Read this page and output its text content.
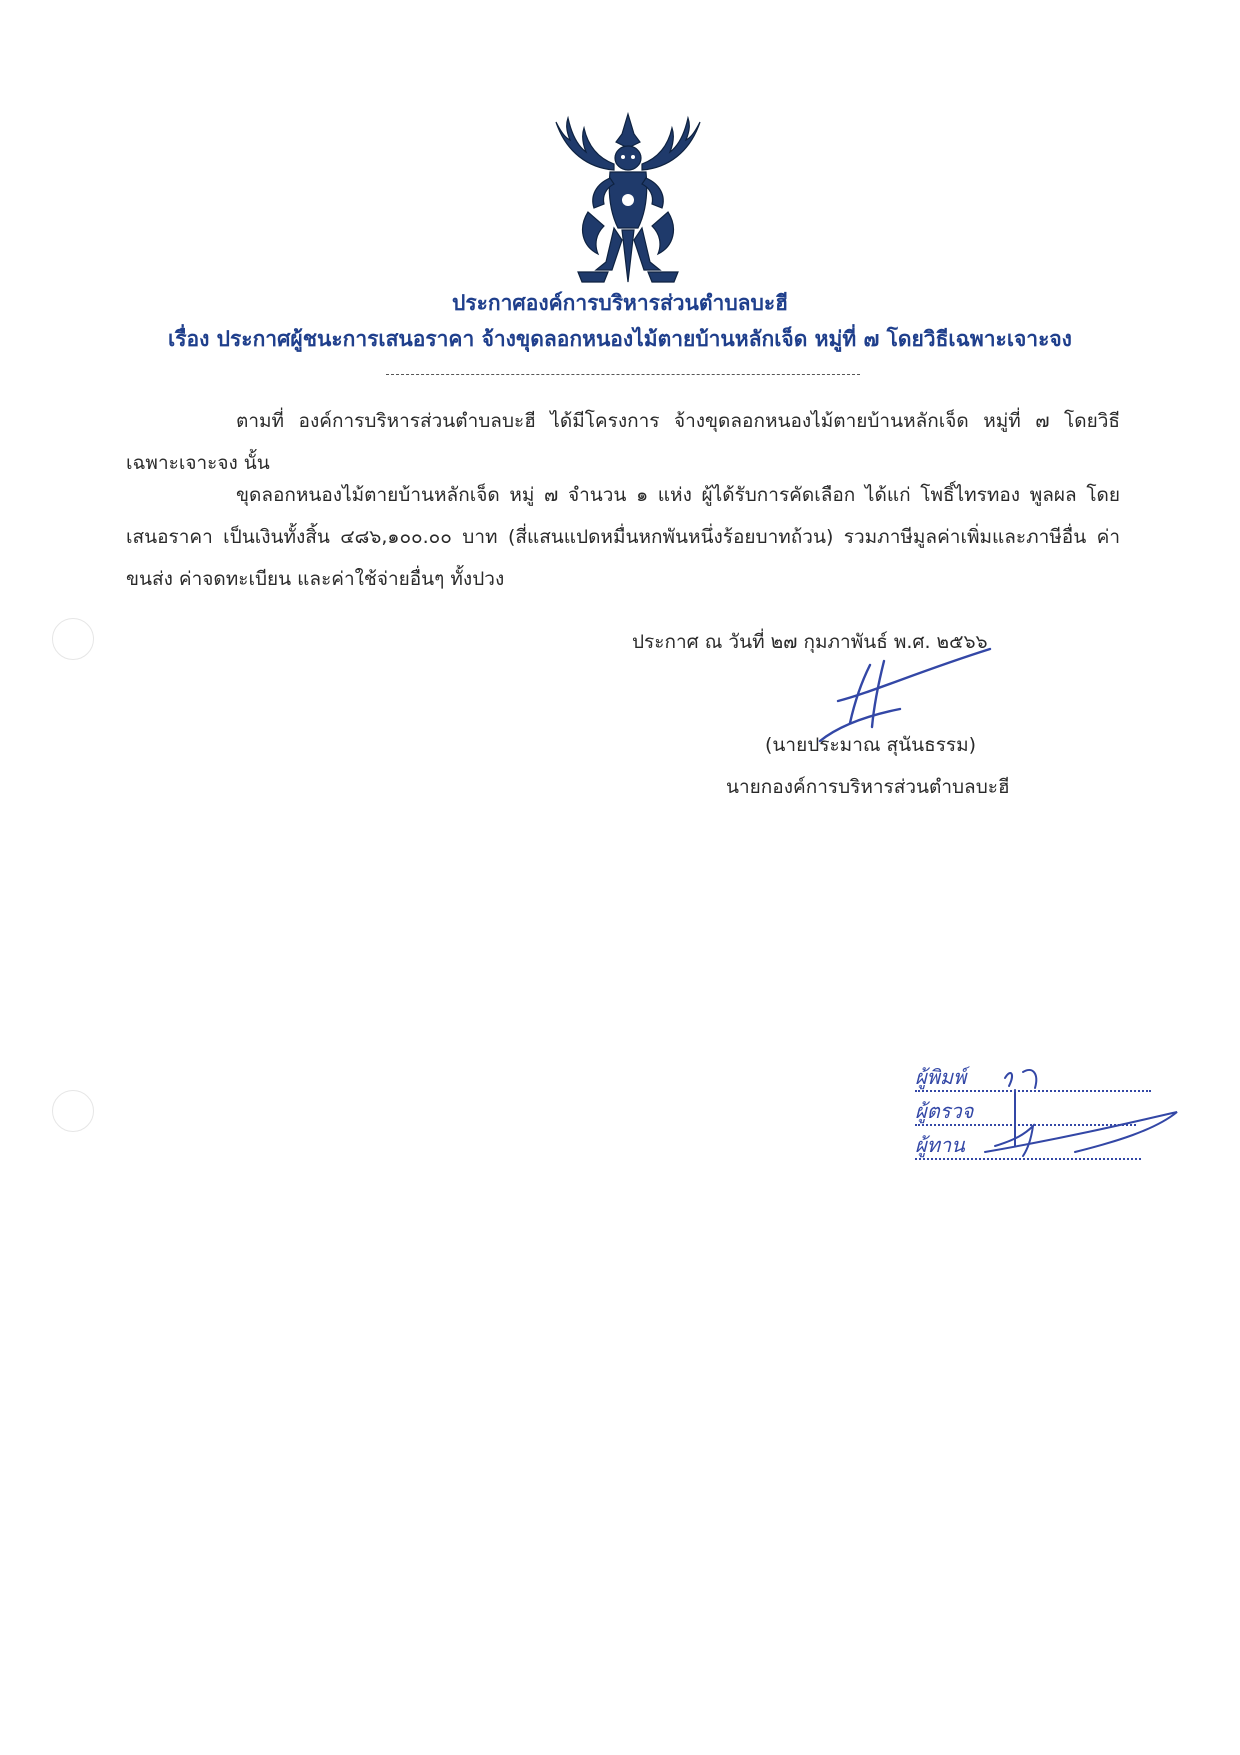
ประกาศองค์การบริหารส่วนตำบลบะฮี
เรื่อง ประกาศผู้ชนะการเสนอราคา จ้างขุดลอกหนองไม้ตายบ้านหลักเจ็ด หมู่ที่ ๗ โดยวิธีเฉพาะเจาะจง
ตามที่ องค์การบริหารส่วนตำบลบะฮี ได้มีโครงการ จ้างขุดลอกหนองไม้ตายบ้านหลักเจ็ด หมู่ที่ ๗ โดยวิธีเฉพาะเจาะจง นั้น
ขุดลอกหนองไม้ตายบ้านหลักเจ็ด หมู่ ๗ จำนวน ๑ แห่ง ผู้ได้รับการคัดเลือก ได้แก่ โพธิ์ไทรทอง พูลผล โดยเสนอราคา เป็นเงินทั้งสิ้น ๔๘๖,๑๐๐.๐๐ บาท (สี่แสนแปดหมื่นหกพันหนึ่งร้อยบาทถ้วน) รวมภาษีมูลค่าเพิ่มและภาษีอื่น ค่าขนส่ง ค่าจดทะเบียน และค่าใช้จ่ายอื่นๆ ทั้งปวง
ประกาศ ณ วันที่ ๒๗ กุมภาพันธ์ พ.ศ. ๒๕๖๖
(นายประมาณ สุนันธรรม)
นายกองค์การบริหารส่วนตำบลบะฮี
ผู้พิมพ์
ผู้ตรวจ
ผู้ทาน
